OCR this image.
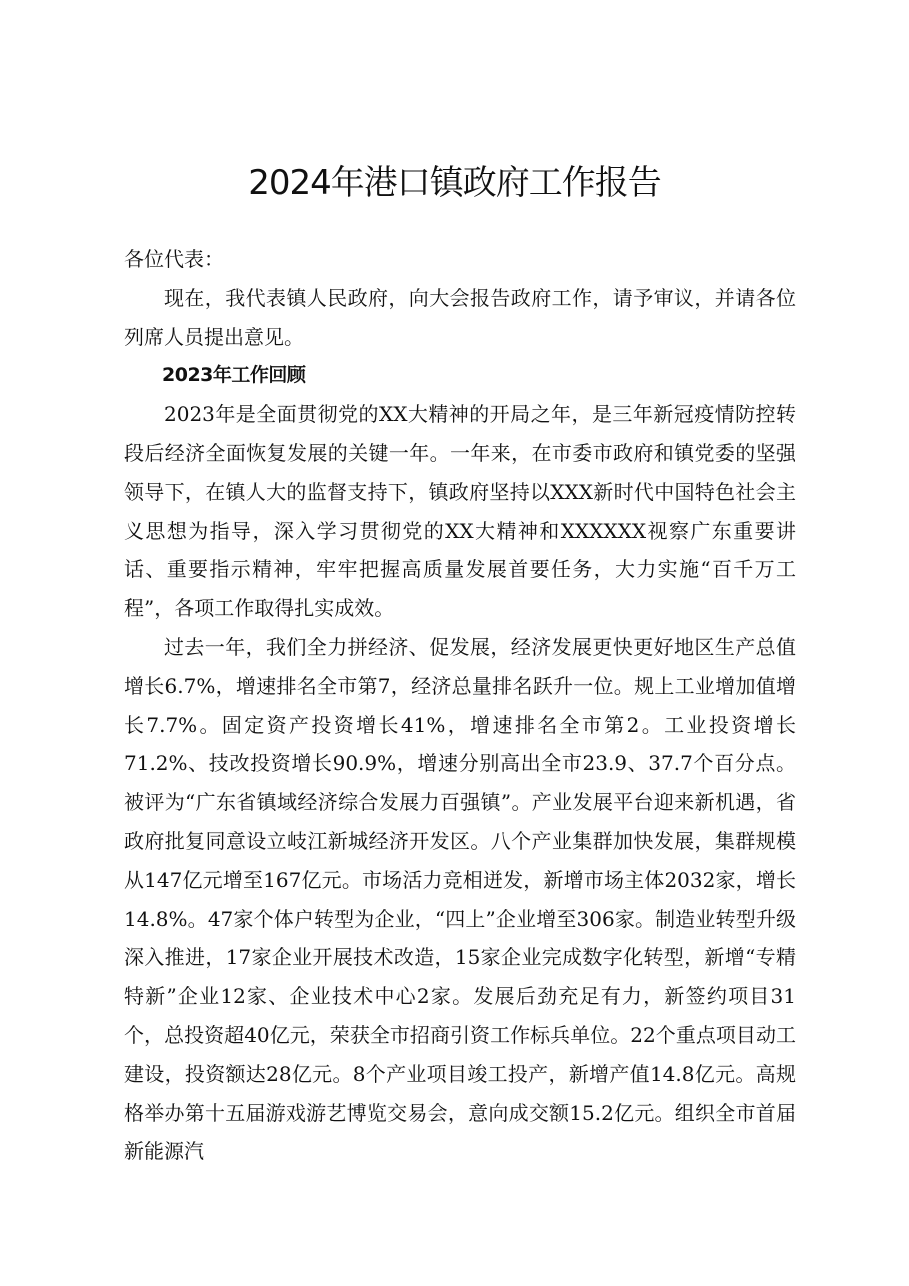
2024年港口镇政府工作报告

各位代表：

现在，我代表镇人民政府，向大会报告政府工作，请予审议，并请各位列席人员提出意见。

2023年工作回顾

2023年是全面贯彻党的XX大精神的开局之年，是三年新冠疫情防控转段后经济全面恢复发展的关键一年。一年来，在市委市政府和镇党委的坚强领导下，在镇人大的监督支持下，镇政府坚持以XXX新时代中国特色社会主义思想为指导，深入学习贯彻党的XX大精神和XXXXXX视察广东重要讲话、重要指示精神，牢牢把握高质量发展首要任务，大力实施“百千万工程”，各项工作取得扎实成效。

过去一年，我们全力拼经济、促发展，经济发展更快更好地区生产总值增长6.7%，增速排名全市第7，经济总量排名跃升一位。规上工业增加值增长7.7%。固定资产投资增长41%，增速排名全市第2。工业投资增长71.2%、技改投资增长90.9%，增速分别高出全市23.9、37.7个百分点。被评为“广东省镇域经济综合发展力百强镇”。产业发展平台迎来新机遇，省政府批复同意设立岐江新城经济开发区。八个产业集群加快发展，集群规模从147亿元增至167亿元。市场活力竞相迸发，新增市场主体2032家，增长14.8%。47家个体户转型为企业，“四上”企业增至306家。制造业转型升级深入推进，17家企业开展技术改造，15家企业完成数字化转型，新增“专精特新”企业12家、企业技术中心2家。发展后劲充足有力，新签约项目31个，总投资超40亿元，荣获全市招商引资工作标兵单位。22个重点项目动工建设，投资额达28亿元。8个产业项目竣工投产，新增产值14.8亿元。高规格举办第十五届游戏游艺博览交易会，意向成交额15.2亿元。组织全市首届新能源汽
